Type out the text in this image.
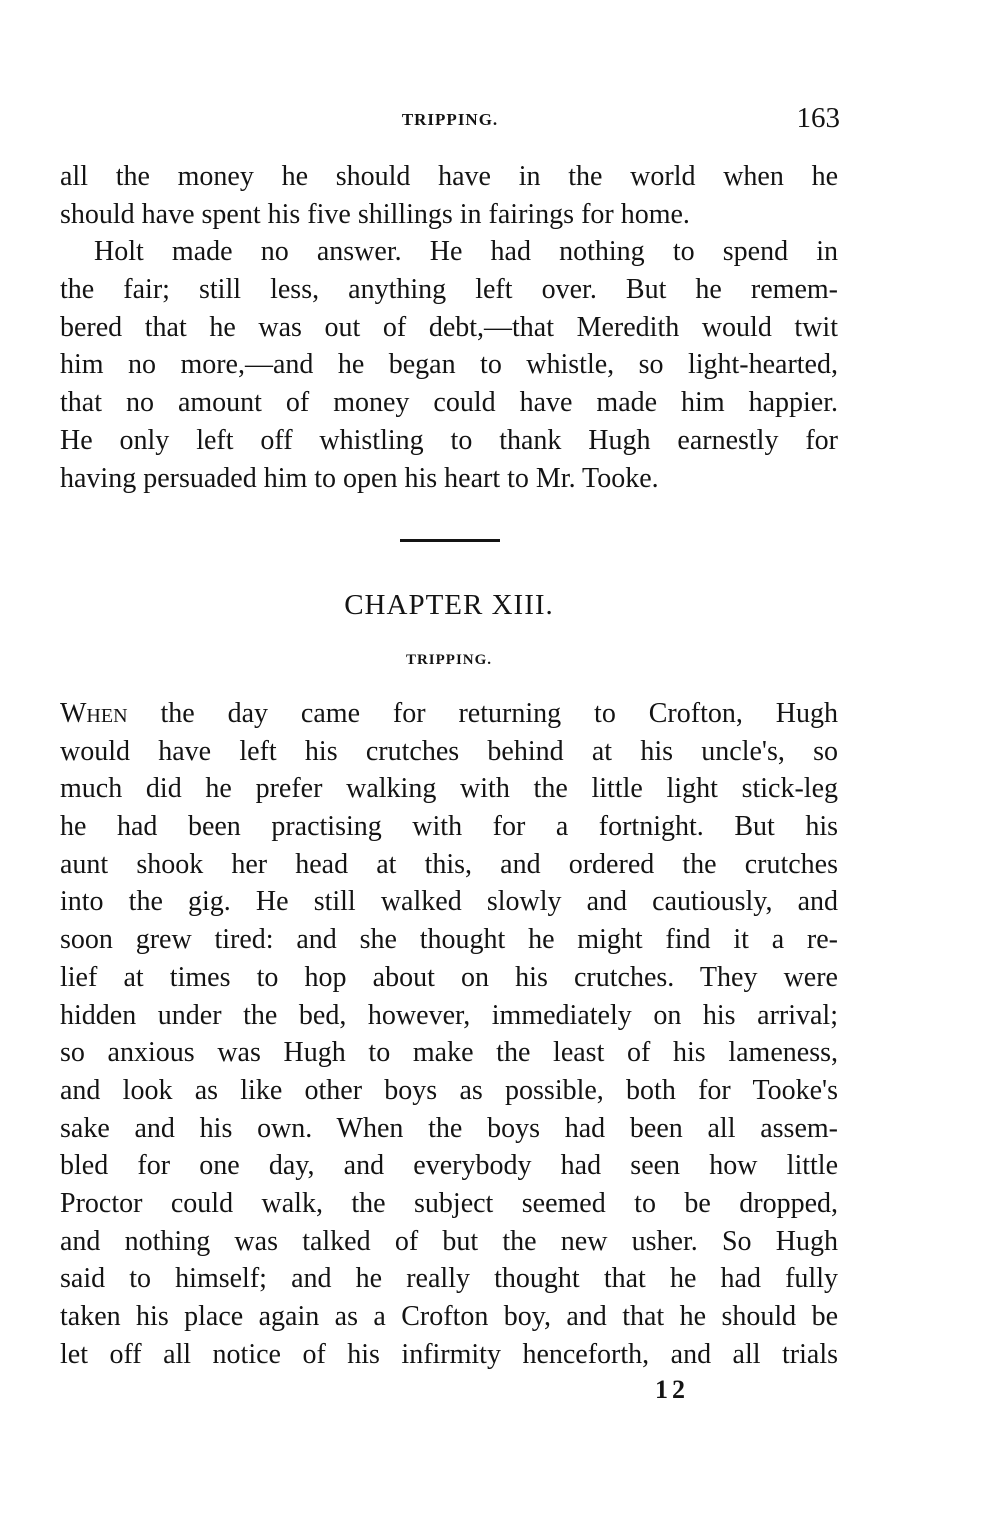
TRIPPING.	163
all the money he should have in the world when he
should have spent his five shillings in fairings for home.
Holt made no answer. He had nothing to spend in
the fair; still less, anything left over. But he remem-
bered that he was out of debt,—that Meredith would twit
him no more,—and he began to whistle, so light-hearted,
that no amount of money could have made him happier.
He only left off whistling to thank Hugh earnestly for
having persuaded him to open his heart to Mr. Tooke.
CHAPTER XIII.
TRIPPING.
When the day came for returning to Crofton, Hugh
would have left his crutches behind at his uncle's, so
much did he prefer walking with the little light stick-leg
he had been practising with for a fortnight. But his
aunt shook her head at this, and ordered the crutches
into the gig. He still walked slowly and cautiously, and
soon grew tired: and she thought he might find it a re-
lief at times to hop about on his crutches. They were
hidden under the bed, however, immediately on his arrival;
so anxious was Hugh to make the least of his lameness,
and look as like other boys as possible, both for Tooke's
sake and his own. When the boys had been all assem-
bled for one day, and everybody had seen how little
Proctor could walk, the subject seemed to be dropped,
and nothing was talked of but the new usher. So Hugh
said to himself; and he really thought that he had fully
taken his place again as a Crofton boy, and that he should be
let off all notice of his infirmity henceforth, and all trials
12
